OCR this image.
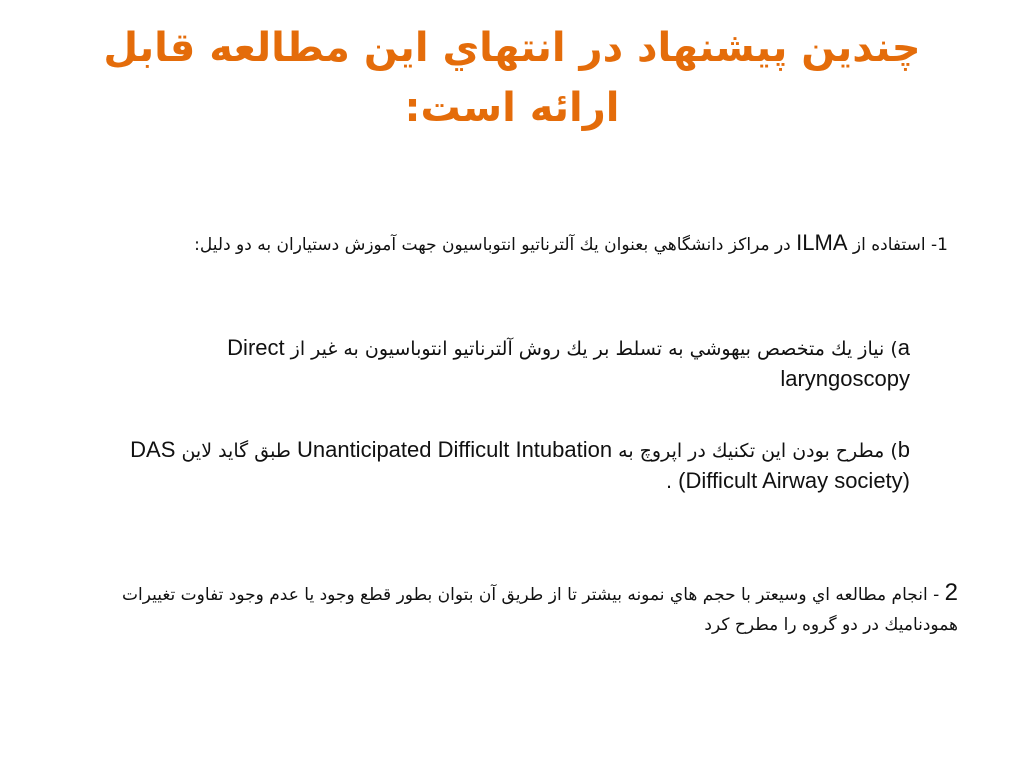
چندين پيشنهاد در انتهاي اين مطالعه قابل ارائه است:

1- استفاده از ILMA در مراكز دانشگاهي بعنوان يك آلترناتيو انتوباسيون جهت آموزش دستياران به دو دليل:

a) نياز يك متخصص بيهوشي به تسلط بر يك روش آلترناتيو انتوباسيون به غير از Direct laryngoscopy

b) مطرح بودن اين تكنيك در اپروچ به Unanticipated Difficult Intubation طبق گايد لاين DAS (Difficult Airway society) .

2 - انجام مطالعه اي وسيعتر با حجم هاي نمونه بيشتر تا از طريق آن بتوان بطور قطع وجود يا عدم وجود تفاوت تغييرات همودناميك در دو گروه را مطرح كرد
